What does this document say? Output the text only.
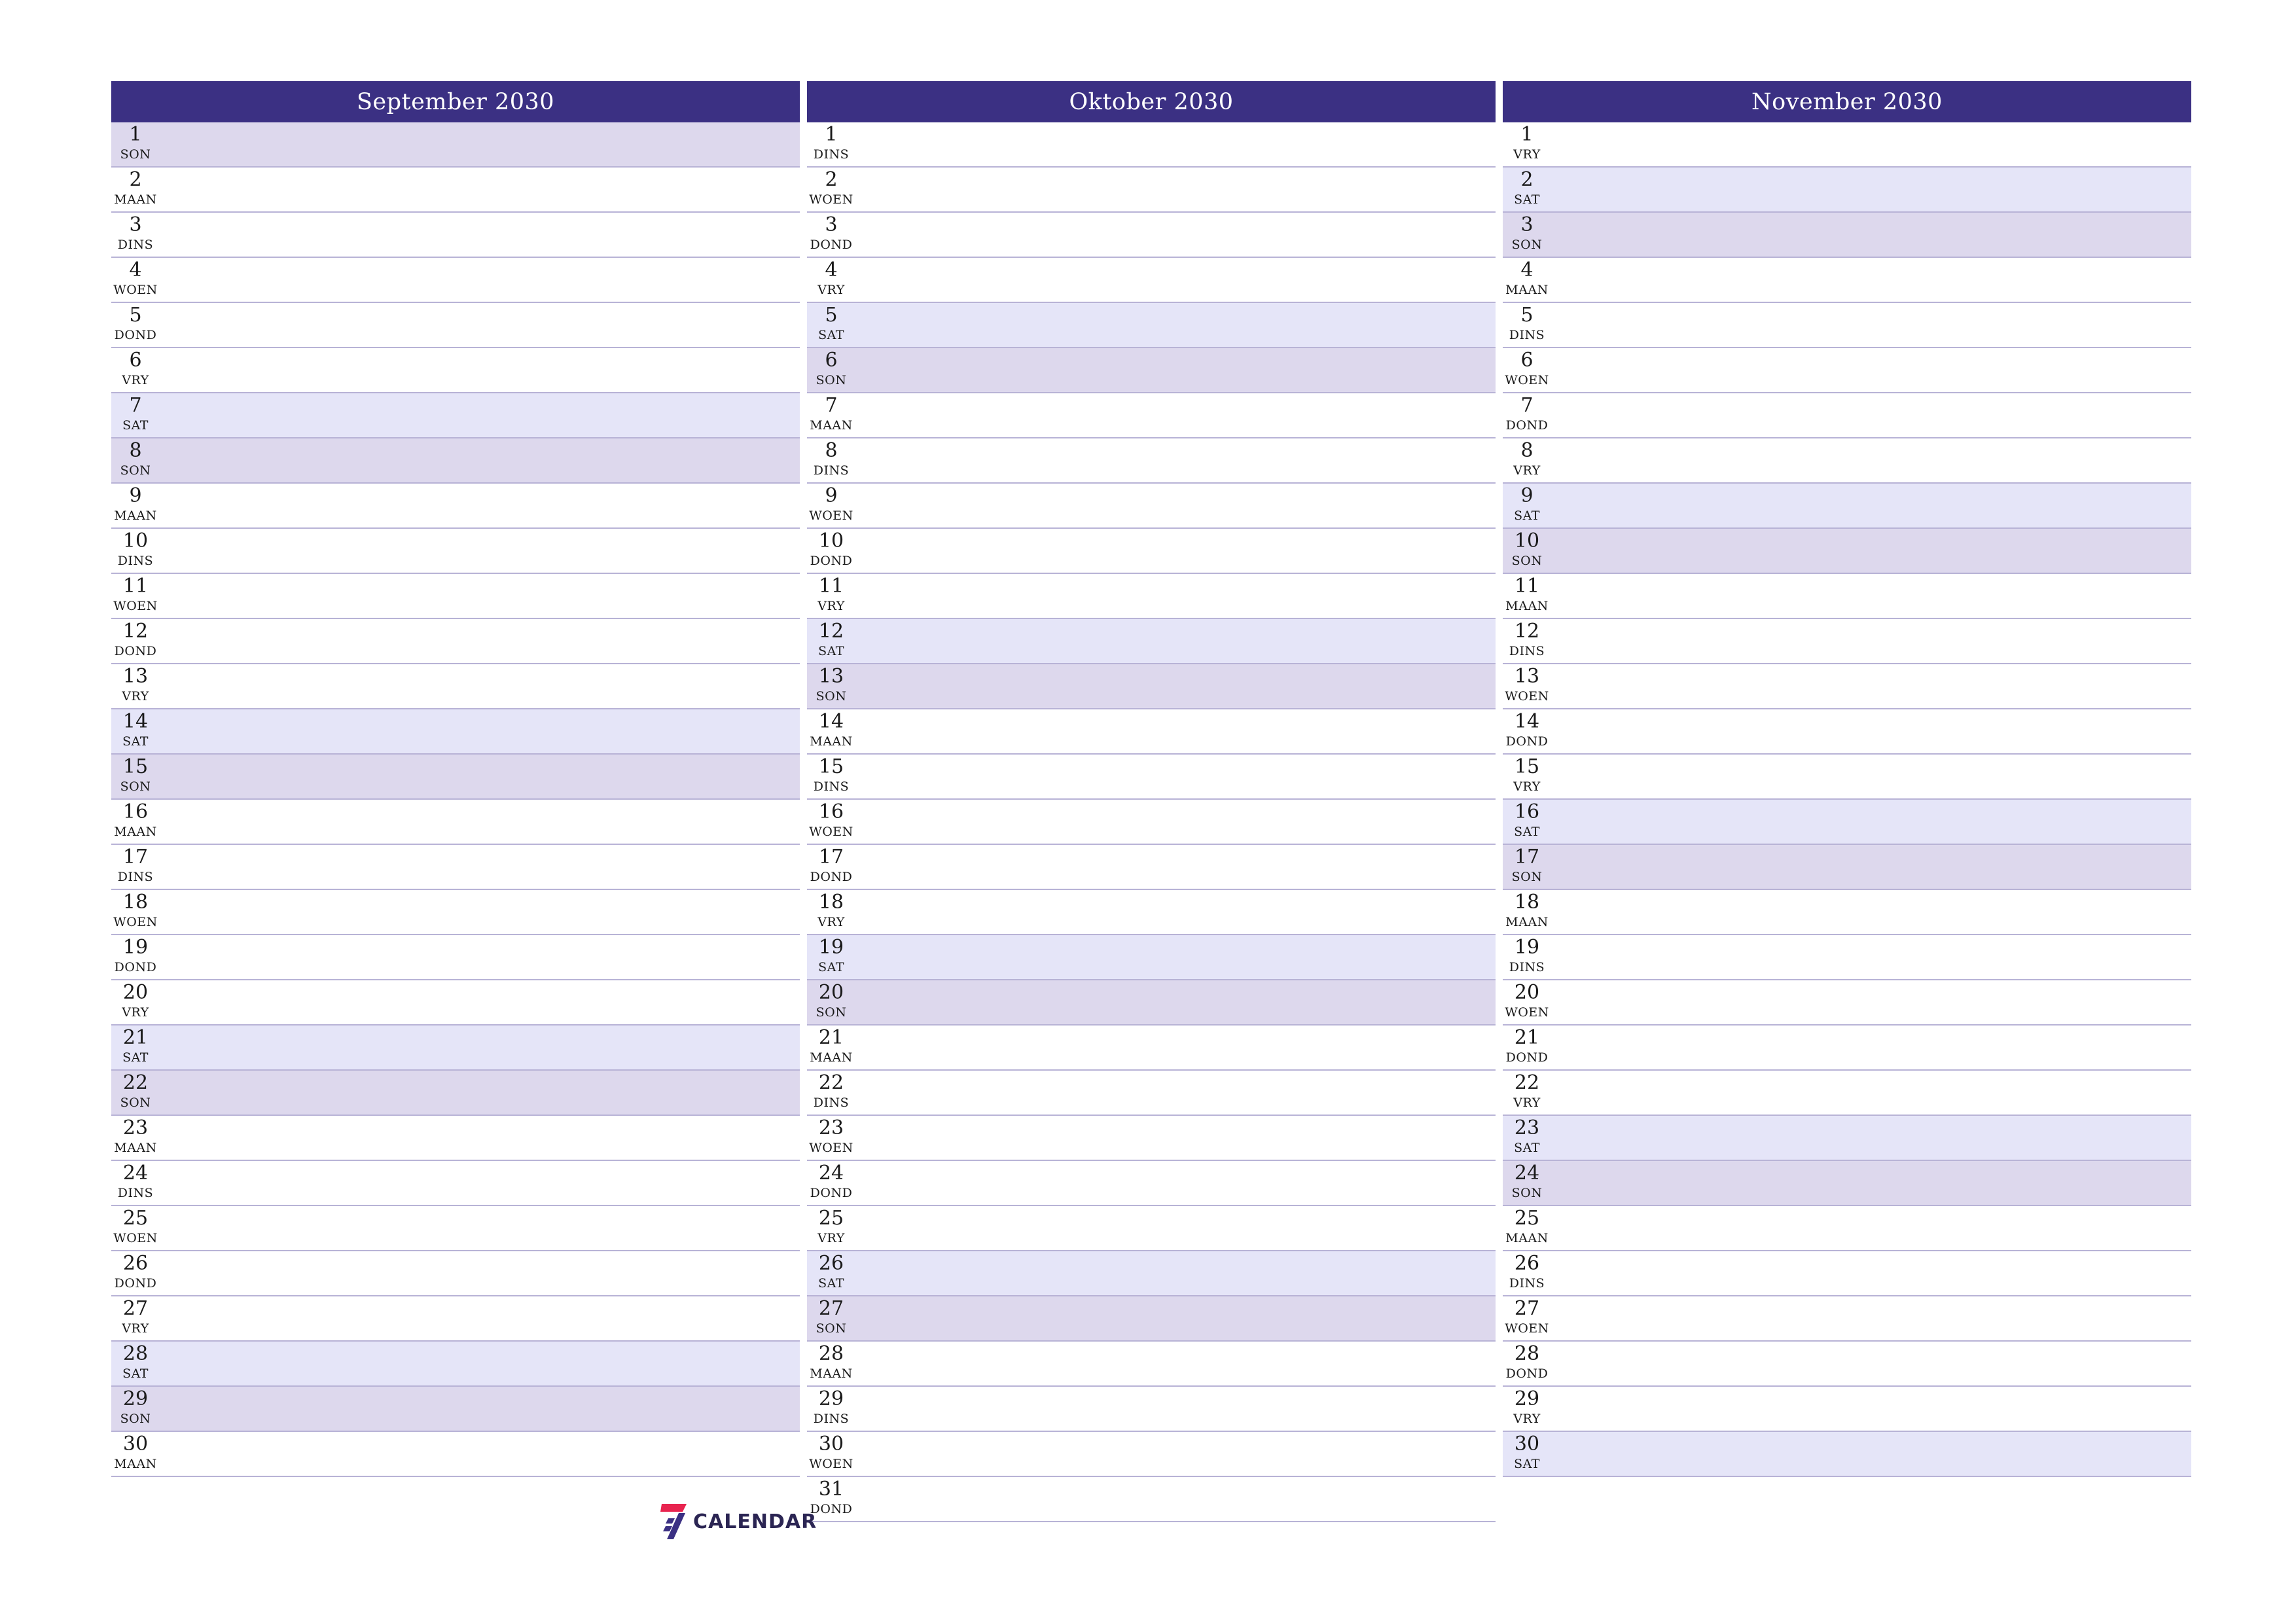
September 2030
1
SON
2
MAAN
3
DINS
4
WOEN
5
DOND
6
VRY
7
SAT
8
SON
9
MAAN
10
DINS
11
WOEN
12
DOND
13
VRY
14
SAT
15
SON
16
MAAN
17
DINS
18
WOEN
19
DOND
20
VRY
21
SAT
22
SON
23
MAAN
24
DINS
25
WOEN
26
DOND
27
VRY
28
SAT
29
SON
30
MAAN
Oktober 2030
1
DINS
2
WOEN
3
DOND
4
VRY
5
SAT
6
SON
7
MAAN
8
DINS
9
WOEN
10
DOND
11
VRY
12
SAT
13
SON
14
MAAN
15
DINS
16
WOEN
17
DOND
18
VRY
19
SAT
20
SON
21
MAAN
22
DINS
23
WOEN
24
DOND
25
VRY
26
SAT
27
SON
28
MAAN
29
DINS
30
WOEN
31
DOND
November 2030
1
VRY
2
SAT
3
SON
4
MAAN
5
DINS
6
WOEN
7
DOND
8
VRY
9
SAT
10
SON
11
MAAN
12
DINS
13
WOEN
14
DOND
15
VRY
16
SAT
17
SON
18
MAAN
19
DINS
20
WOEN
21
DOND
22
VRY
23
SAT
24
SON
25
MAAN
26
DINS
27
WOEN
28
DOND
29
VRY
30
SAT
CALENDAR
